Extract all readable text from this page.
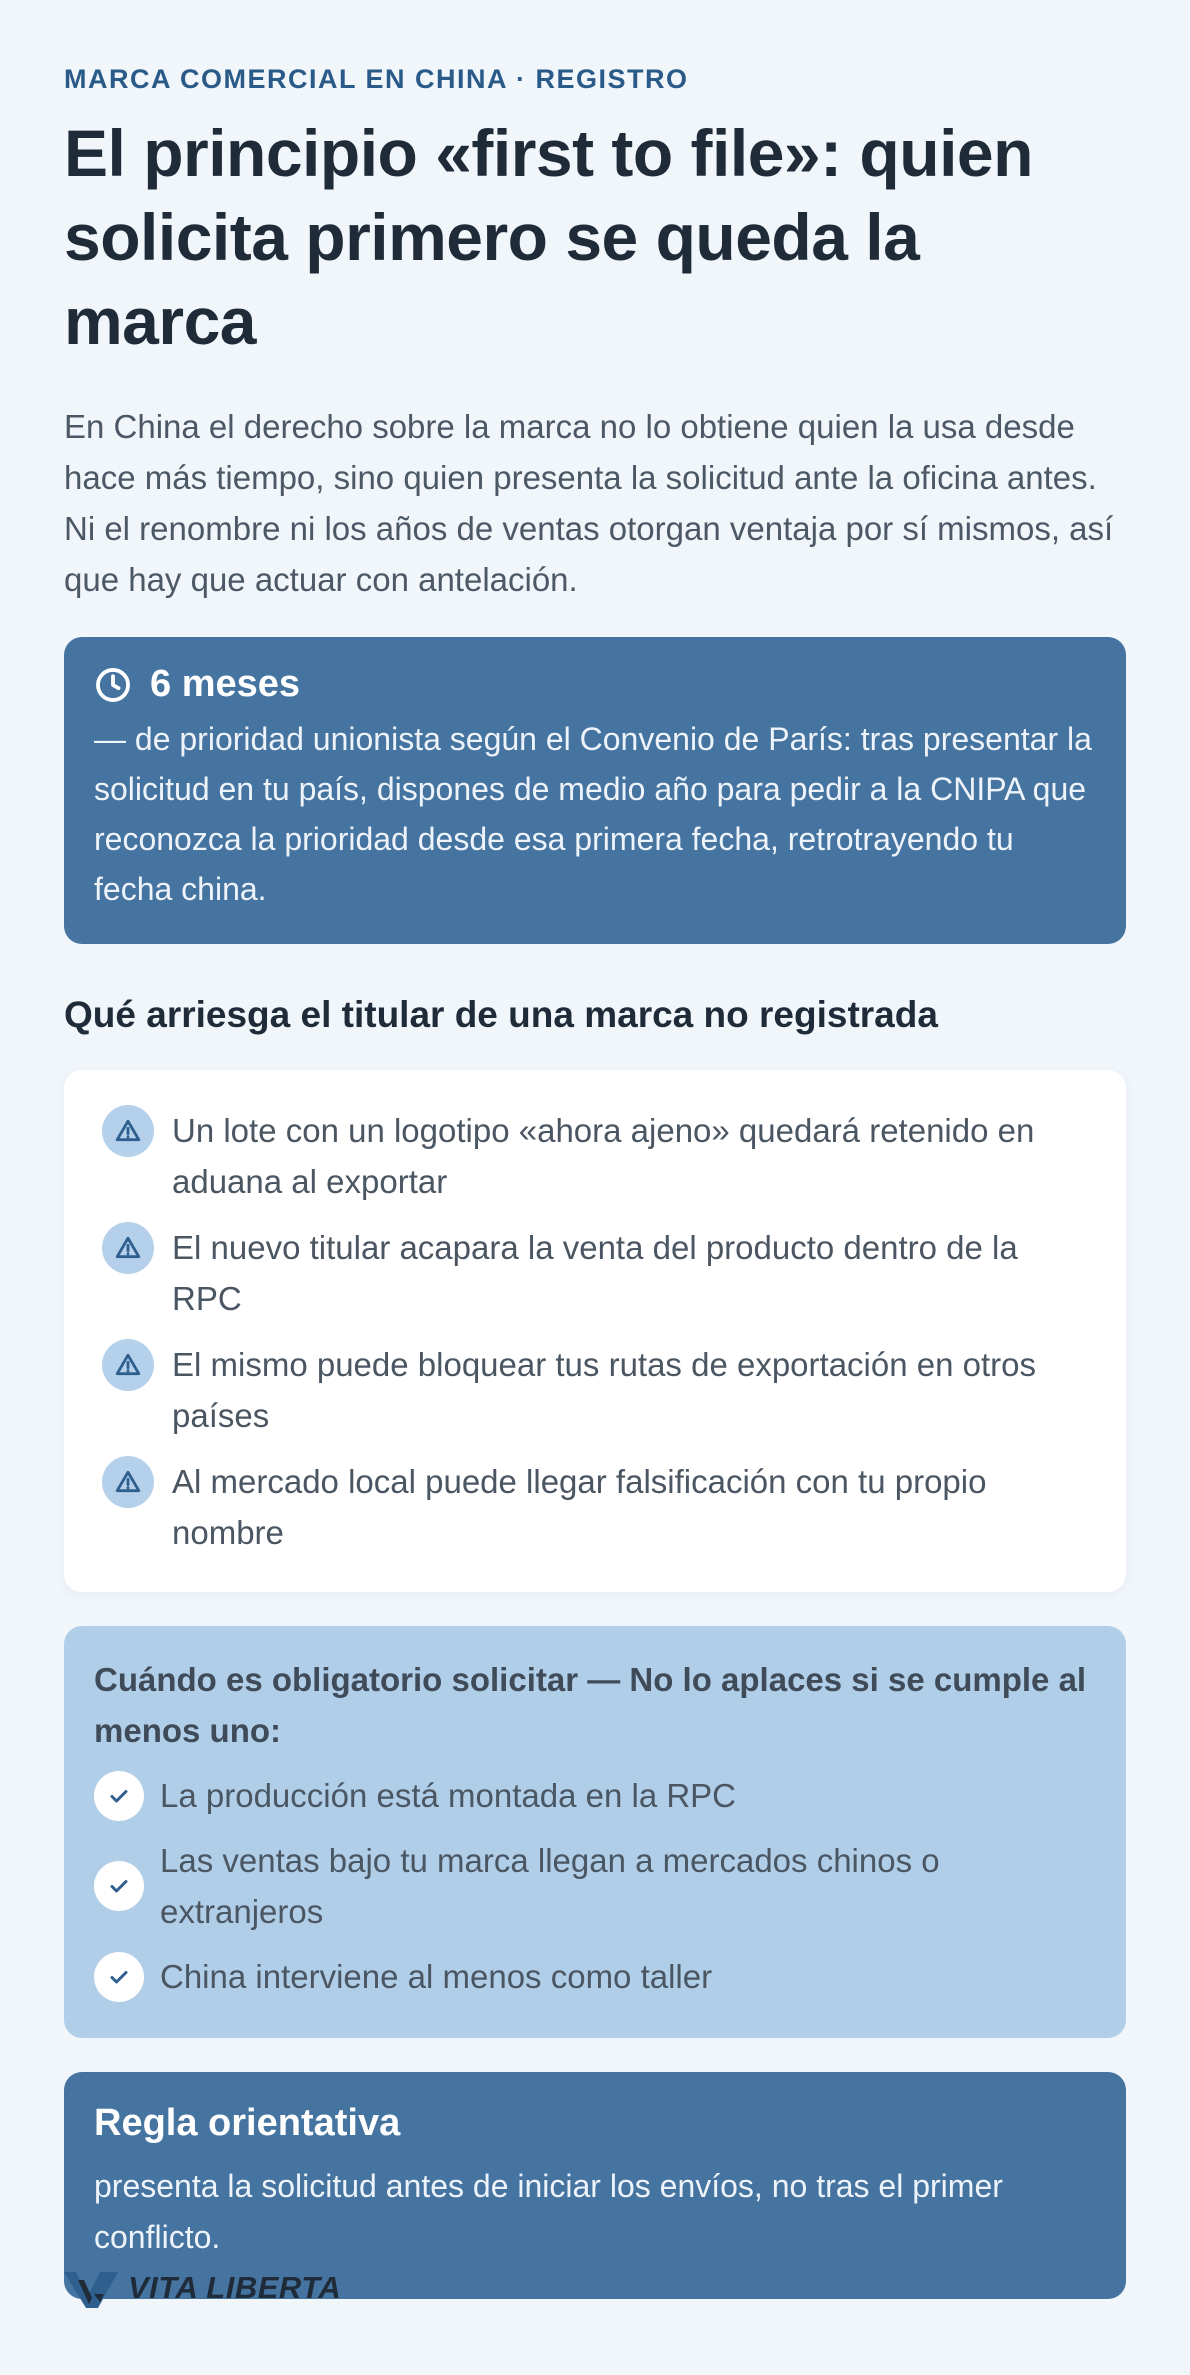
MARCA COMERCIAL EN CHINA · REGISTRO
El principio «first to file»: quien solicita primero se queda la marca

En China el derecho sobre la marca no lo obtiene quien la usa desde hace más tiempo, sino quien presenta la solicitud ante la oficina antes. Ni el renombre ni los años de ventas otorgan ventaja por sí mismos, así que hay que actuar con antelación.

6 meses
— de prioridad unionista según el Convenio de París: tras presentar la solicitud en tu país, dispones de medio año para pedir a la CNIPA que reconozca la prioridad desde esa primera fecha, retrotrayendo tu fecha china.
Qué arriesga el titular de una marca no registrada
Un lote con un logotipo «ahora ajeno» quedará retenido en aduana al exportar
El nuevo titular acapara la venta del producto dentro de la RPC
El mismo puede bloquear tus rutas de exportación en otros países
Al mercado local puede llegar falsificación con tu propio nombre
Cuándo es obligatorio solicitar — No lo aplaces si se cumple al menos uno:
La producción está montada en la RPC
Las ventas bajo tu marca llegan a mercados chinos o extranjeros
China interviene al menos como taller
Regla orientativa
presenta la solicitud antes de iniciar los envíos, no tras el primer conflicto.
VITA LIBERTA
